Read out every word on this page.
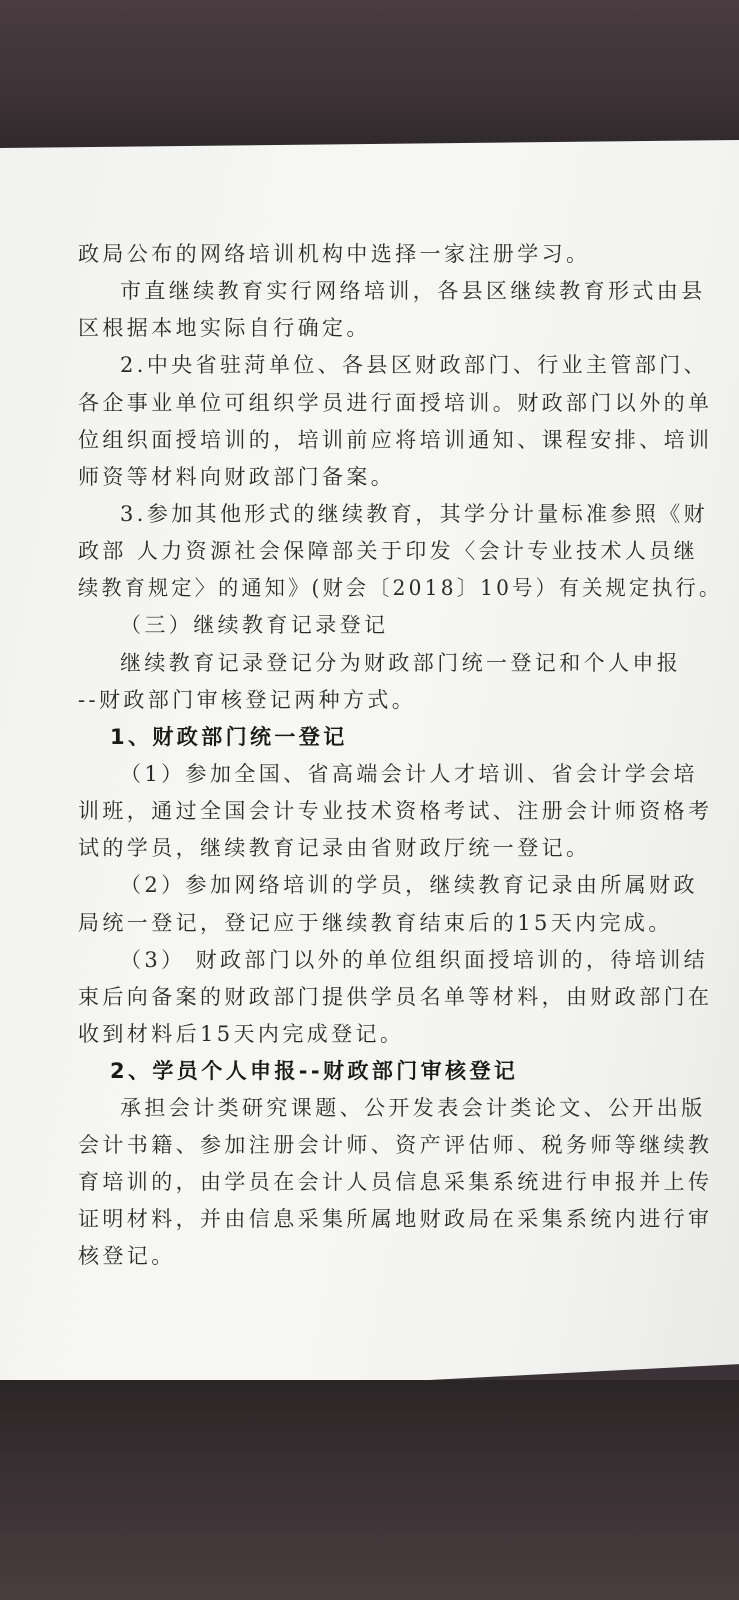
政局公布的网络培训机构中选择一家注册学习。
市直继续教育实行网络培训，各县区继续教育形式由县
区根据本地实际自行确定。
2.中央省驻菏单位、各县区财政部门、行业主管部门、
各企事业单位可组织学员进行面授培训。财政部门以外的单
位组织面授培训的，培训前应将培训通知、课程安排、培训
师资等材料向财政部门备案。
3.参加其他形式的继续教育，其学分计量标准参照《财
政部 人力资源社会保障部关于印发〈会计专业技术人员继
续教育规定〉的通知》(财会〔2018〕10号）有关规定执行。
（三）继续教育记录登记
继续教育记录登记分为财政部门统一登记和个人申报
--财政部门审核登记两种方式。
1、财政部门统一登记
（1）参加全国、省高端会计人才培训、省会计学会培
训班，通过全国会计专业技术资格考试、注册会计师资格考
试的学员，继续教育记录由省财政厅统一登记。
（2）参加网络培训的学员，继续教育记录由所属财政
局统一登记，登记应于继续教育结束后的15天内完成。
（3） 财政部门以外的单位组织面授培训的，待培训结
束后向备案的财政部门提供学员名单等材料，由财政部门在
收到材料后15天内完成登记。
2、学员个人申报--财政部门审核登记
承担会计类研究课题、公开发表会计类论文、公开出版
会计书籍、参加注册会计师、资产评估师、税务师等继续教
育培训的，由学员在会计人员信息采集系统进行申报并上传
证明材料，并由信息采集所属地财政局在采集系统内进行审
核登记。
